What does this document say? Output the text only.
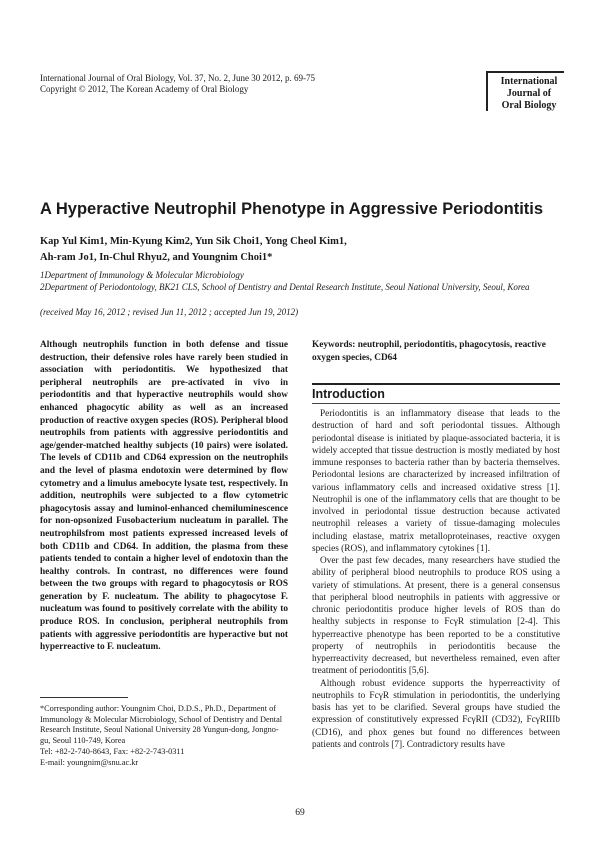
International Journal of Oral Biology, Vol. 37, No. 2, June 30 2012, p. 69-75
Copyright © 2012, The Korean Academy of Oral Biology
International
Journal of
Oral Biology
A Hyperactive Neutrophil Phenotype in Aggressive Periodontitis
Kap Yul Kim1, Min-Kyung Kim2, Yun Sik Choi1, Yong Cheol Kim1,
Ah-ram Jo1, In-Chul Rhyu2, and Youngnim Choi1*
1Department of Immunology & Molecular Microbiology
2Department of Periodontology, BK21 CLS, School of Dentistry and Dental Research Institute, Seoul National University, Seoul, Korea
(received May 16, 2012 ; revised Jun 11, 2012 ; accepted Jun 19, 2012)
Although neutrophils function in both defense and tissue destruction, their defensive roles have rarely been studied in association with periodontitis. We hypothesized that peripheral neutrophils are pre-activated in vivo in periodontitis and that hyperactive neutrophils would show enhanced phagocytic ability as well as an increased production of reactive oxygen species (ROS). Peripheral blood neutrophils from patients with aggressive periodontitis and age/gender-matched healthy subjects (10 pairs) were isolated. The levels of CD11b and CD64 expression on the neutrophils and the level of plasma endotoxin were determined by flow cytometry and a limulus amebocyte lysate test, respectively. In addition, neutrophils were subjected to a flow cytometric phagocytosis assay and luminol-enhanced chemiluminescence for non-opsonized Fusobacterium nucleatum in parallel. The neutrophilsfrom most patients expressed increased levels of both CD11b and CD64. In addition, the plasma from these patients tended to contain a higher level of endotoxin than the healthy controls. In contrast, no differences were found between the two groups with regard to phagocytosis or ROS generation by F. nucleatum. The ability to phagocytose F. nucleatum was found to positively correlate with the ability to produce ROS. In conclusion, peripheral neutrophils from patients with aggressive periodontitis are hyperactive but not hyperreactive to F. nucleatum.
Keywords: neutrophil, periodontitis, phagocytosis, reactive oxygen species, CD64
Introduction

Periodontitis is an inflammatory disease that leads to the destruction of hard and soft periodontal tissues. Although periodontal disease is initiated by plaque-associated bacteria, it is widely accepted that tissue destruction is mostly mediated by host immune responses to bacteria rather than by bacteria themselves. Periodontal lesions are characterized by increased infiltration of various inflammatory cells and increased oxidative stress [1]. Neutrophil is one of the inflammatory cells that are thought to be involved in periodontal tissue destruction because activated neutrophil releases a variety of tissue-damaging molecules including elastase, matrix metalloproteinases, reactive oxygen species (ROS), and inflammatory cytokines [1].

Over the past few decades, many researchers have studied the ability of peripheral blood neutrophils to produce ROS using a variety of stimulations. At present, there is a general consensus that peripheral blood neutrophils in patients with aggressive or chronic periodontitis produce higher levels of ROS than do healthy subjects in response to FcγR stimulation [2-4]. This hyperreactive phenotype has been reported to be a constitutive property of neutrophils in periodontitis because the hyperreactivity decreased, but nevertheless remained, even after treatment of periodontitis [5,6].

Although robust evidence supports the hyperreactivity of neutrophils to FcγR stimulation in periodontitis, the underlying basis has yet to be clarified. Several groups have studied the expression of constitutively expressed FcγRII (CD32), FcγRIIIb (CD16), and phox genes but found no differences between patients and controls [7]. Contradictory results have

*Corresponding author: Youngnim Choi, D.D.S., Ph.D., Department of Immunology & Molecular Microbiology, School of Dentistry and Dental Research Institute, Seoul National University 28 Yungun-dong, Jongno-gu, Seoul 110-749, Korea
Tel: +82-2-740-8643, Fax: +82-2-743-0311
E-mail: youngnim@snu.ac.kr
69
